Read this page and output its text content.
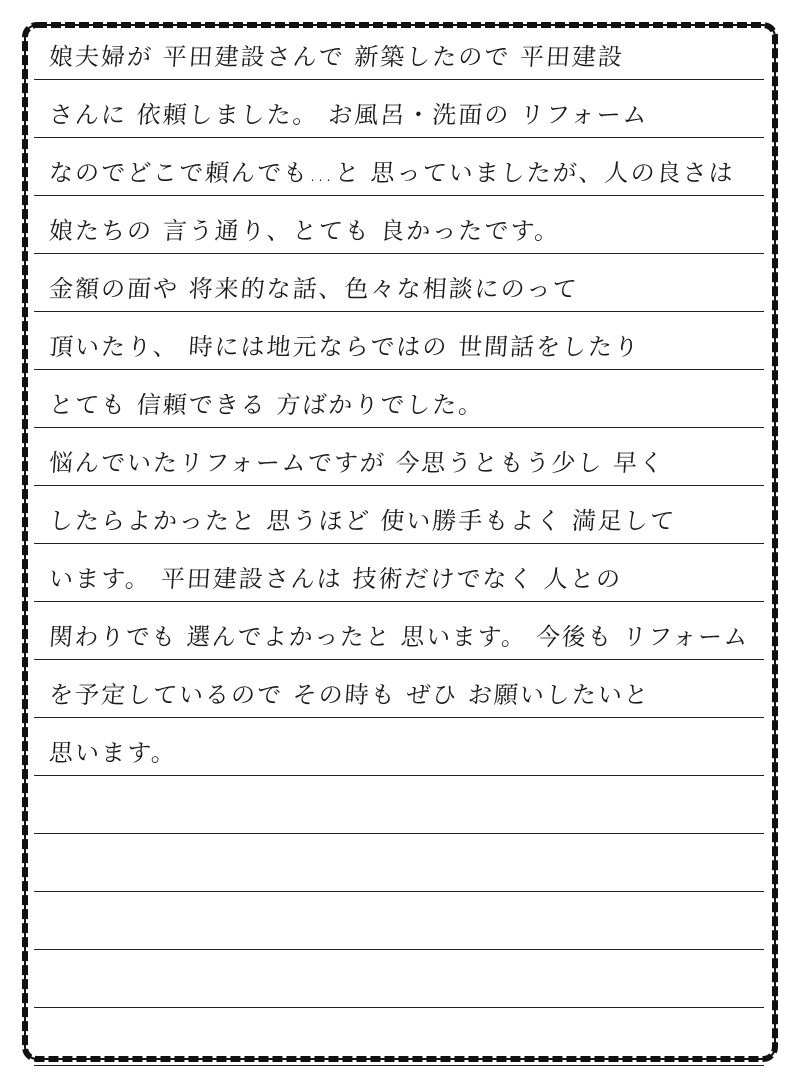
娘夫婦が 平田建設さんで 新築したので 平田建設
さんに 依頼しました。 お風呂・洗面の リフォーム
なのでどこで頼んでも…と 思っていましたが、人の良さは
娘たちの 言う通り、とても 良かったです。
金額の面や 将来的な話、色々な相談にのって
頂いたり、 時には地元ならではの 世間話をしたり
とても 信頼できる 方ばかりでした。
悩んでいたリフォームですが 今思うともう少し 早く
したらよかったと 思うほど 使い勝手もよく 満足して
います。 平田建設さんは 技術だけでなく 人との
関わりでも 選んでよかったと 思います。 今後も リフォーム
を予定しているので その時も ぜひ お願いしたいと
思います。
